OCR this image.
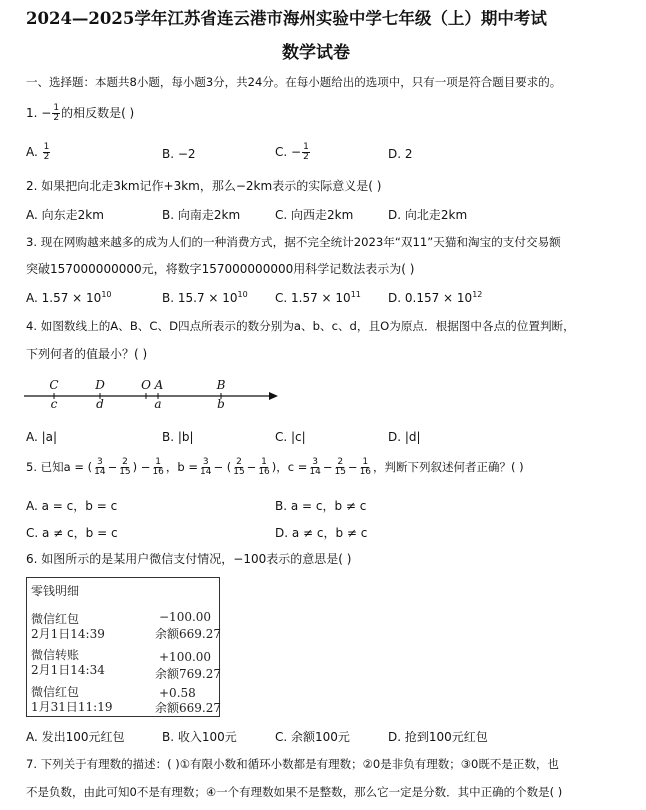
2024—2025学年江苏省连云港市海州实验中学七年级（上）期中考试
数学试卷
一、选择题：本题共8小题，每小题3分，共24分。在每小题给出的选项中，只有一项是符合题目要求的。
1. − $\frac{1}{2}$ 的相反数是( )
A. $\frac{1}{2}$	B. −2	C. − $\frac{1}{2}$	D. 2
2. 如果把向北走3km记作+3km，那么−2km表示的实际意义是( )
A. 向东走2km	B. 向南走2km	C. 向西走2km	D. 向北走2km
3. 现在网购越来越多的成为人们的一种消费方式，据不完全统计2023年“双11”天猫和淘宝的支付交易额
突破157000000000元，将数字157000000000用科学记数法表示为( )
A. $1.57 \times 10^{10}$	B. $15.7 \times 10^{10}$ C. $1.57 \times 10^{11}$ D. $0.157 \times 10^{12}$
4. 如图数线上的A、B、C、D四点所表示的数分别为a、b、c、d，且O为原点．根据图中各点的位置判断，
下列何者的值最小？( )
C
c
D
d
O A
a
B
b
A. |a|	B. |b|	C. |c|	D. |d|
5. 已知a = ( $\frac{3}{14} - \frac{2}{15}$ ) − $\frac{1}{16}$ ，$b = \frac{3}{14}$ − ( $\frac{2}{15} - \frac{1}{16}$ )，$c = \frac{3}{14} - \frac{2}{15} - \frac{1}{16}$ ，判断下列叙述何者正确？( )
A. a = c，b = c	B. a = c，b ≠ c
C. a ≠ c，b = c	D. a ≠ c，b ≠ c
6. 如图所示的是某用户微信支付情况，−100表示的意思是( )
零钱明细
微信红包	−100.00
2月1日14:39	余额669.27
微信转账	+100.00
2月1日14:34	余额769.27
微信红包	+0.58
1月31日11:19	余额669.27
A. 发出100元红包	B. 收入100元	C. 余额100元	D. 抢到100元红包
7. 下列关于有理数的描述：( )①有限小数和循环小数都是有理数；②0是非负有理数；③0既不是正数，也
不是负数，由此可知0不是有理数；④一个有理数如果不是整数，那么它一定是分数．其中正确的个数是( )
